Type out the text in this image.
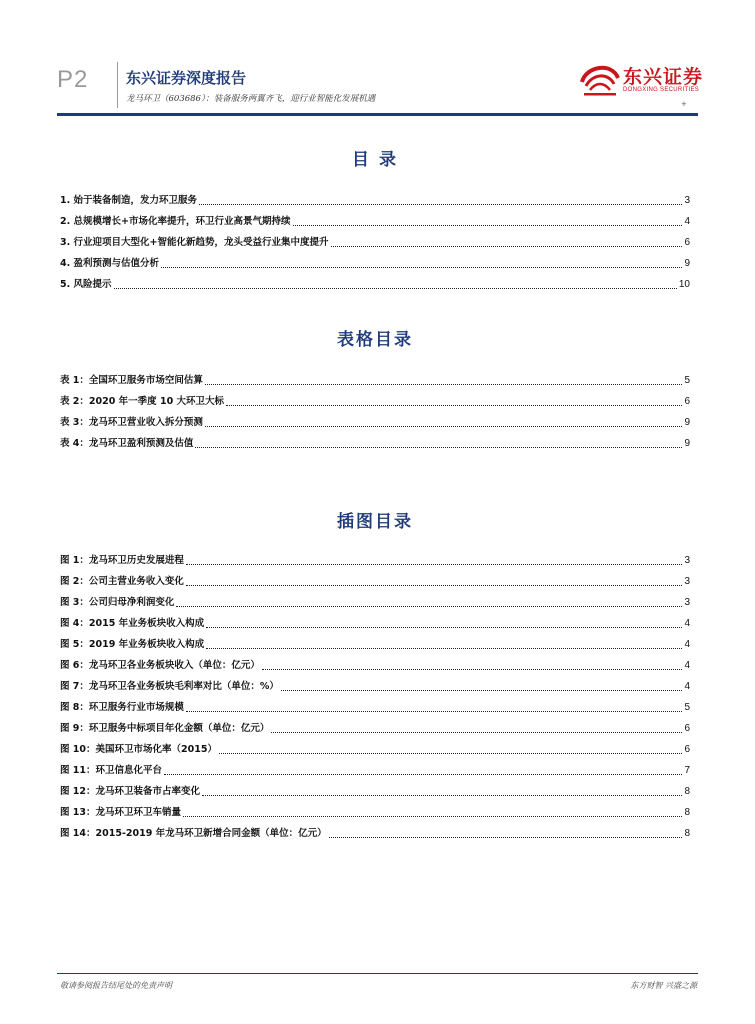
P2	东兴证券深度报告
龙马环卫（603686）：装备服务两翼齐飞，迎行业智能化发展机遇
东兴证券
DONGXING SECURITIES
+
目 录
1. 始于装备制造，发力环卫服务	3
2. 总规模增长+市场化率提升，环卫行业高景气期持续	4
3. 行业迎项目大型化+智能化新趋势，龙头受益行业集中度提升	6
4. 盈利预测与估值分析	9
5. 风险提示	10
表格目录
表 1：全国环卫服务市场空间估算	5
表 2：2020 年一季度 10 大环卫大标	6
表 3：龙马环卫营业收入拆分预测	9
表 4：龙马环卫盈利预测及估值	9
插图目录
图 1：龙马环卫历史发展进程	3
图 2：公司主营业务收入变化	3
图 3：公司归母净利润变化	3
图 4：2015 年业务板块收入构成	4
图 5：2019 年业务板块收入构成	4
图 6：龙马环卫各业务板块收入（单位：亿元）	4
图 7：龙马环卫各业务板块毛利率对比（单位：%）	4
图 8：环卫服务行业市场规模	5
图 9：环卫服务中标项目年化金额（单位：亿元）	6
图 10：美国环卫市场化率（2015）	6
图 11：环卫信息化平台	7
图 12：龙马环卫装备市占率变化	8
图 13：龙马环卫环卫车销量	8
图 14：2015-2019 年龙马环卫新增合同金额（单位：亿元）	8
敬请参阅报告结尾处的免责声明	东方财智 兴盛之源
